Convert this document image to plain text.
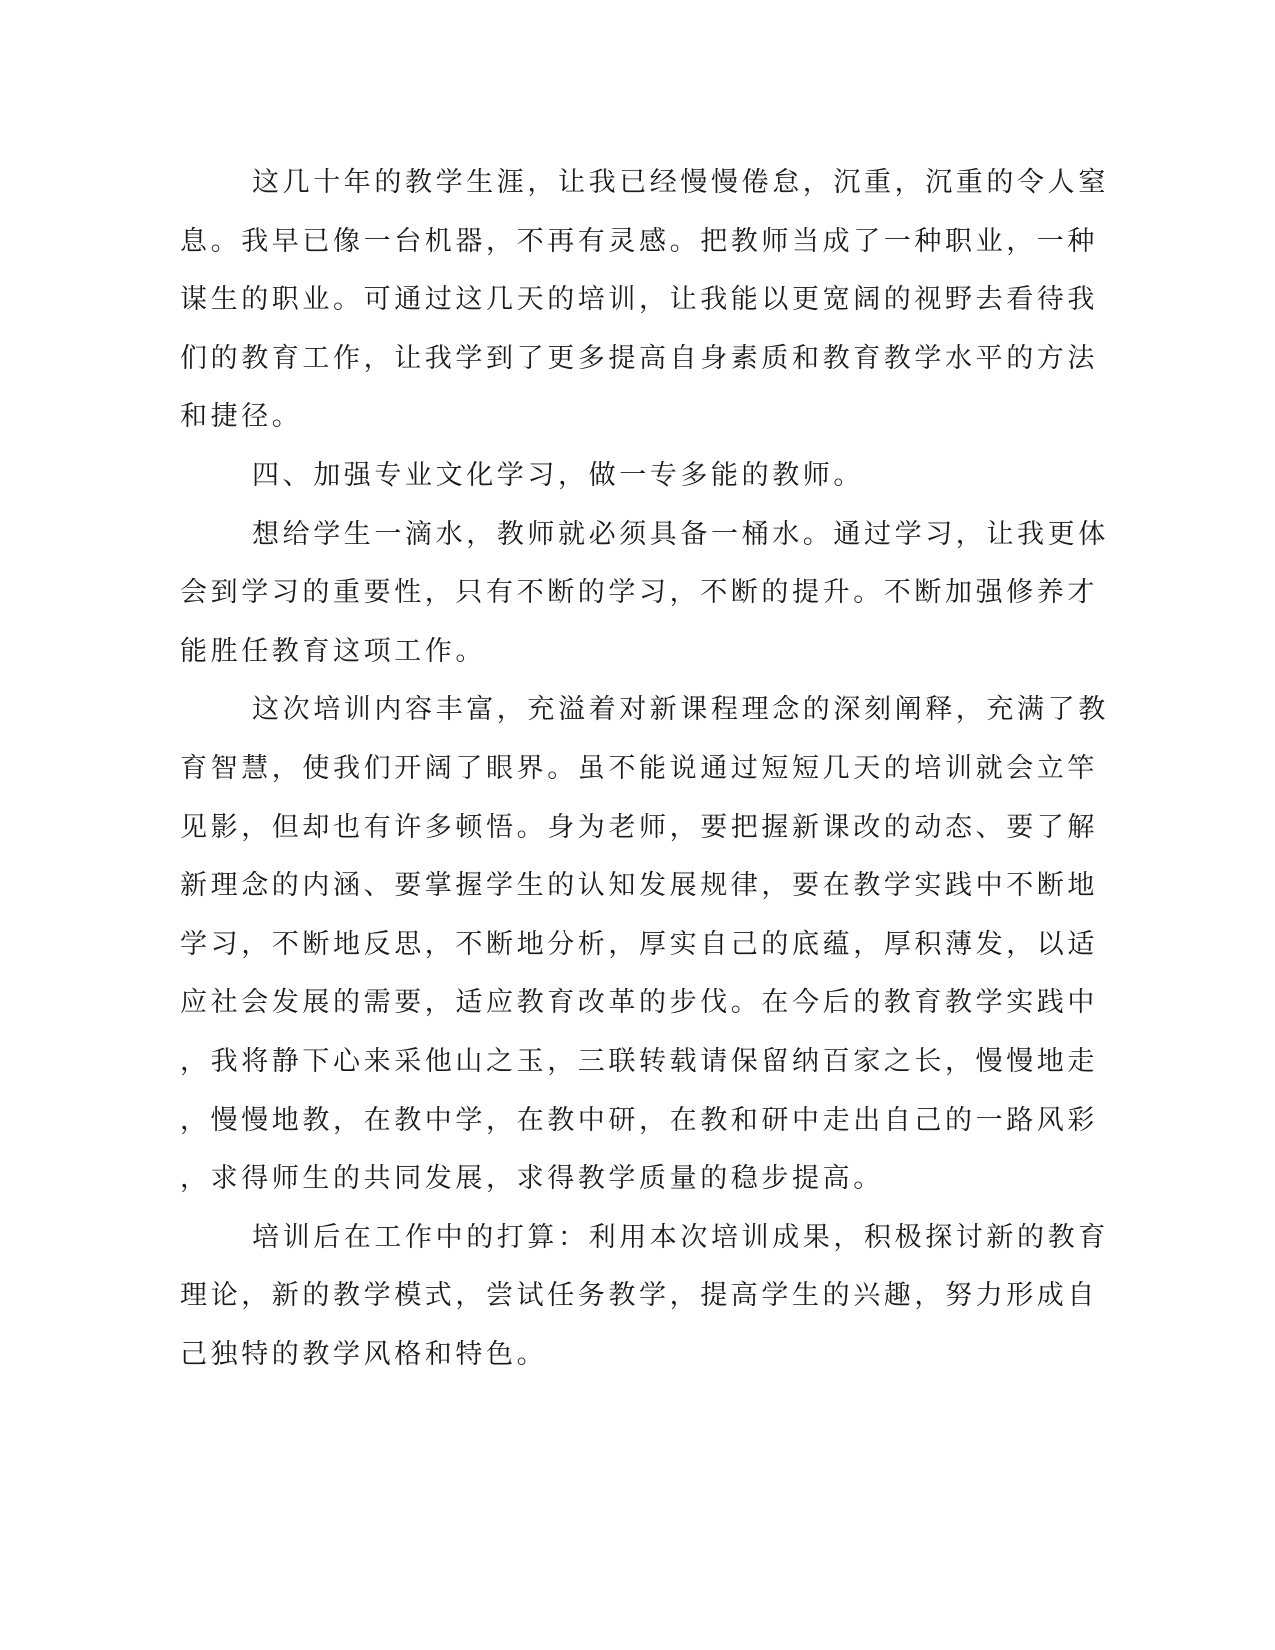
这几十年的教学生涯，让我已经慢慢倦怠，沉重，沉重的令人窒
息。我早已像一台机器，不再有灵感。把教师当成了一种职业，一种
谋生的职业。可通过这几天的培训，让我能以更宽阔的视野去看待我
们的教育工作，让我学到了更多提高自身素质和教育教学水平的方法
和捷径。
四、加强专业文化学习，做一专多能的教师。
想给学生一滴水，教师就必须具备一桶水。通过学习，让我更体
会到学习的重要性，只有不断的学习，不断的提升。不断加强修养才
能胜任教育这项工作。
这次培训内容丰富，充溢着对新课程理念的深刻阐释，充满了教
育智慧，使我们开阔了眼界。虽不能说通过短短几天的培训就会立竿
见影，但却也有许多顿悟。身为老师，要把握新课改的动态、要了解
新理念的内涵、要掌握学生的认知发展规律，要在教学实践中不断地
学习，不断地反思，不断地分析，厚实自己的底蕴，厚积薄发，以适
应社会发展的需要，适应教育改革的步伐。在今后的教育教学实践中
，我将静下心来采他山之玉，三联转载请保留纳百家之长，慢慢地走
，慢慢地教，在教中学，在教中研，在教和研中走出自己的一路风彩
，求得师生的共同发展，求得教学质量的稳步提高。
培训后在工作中的打算：利用本次培训成果，积极探讨新的教育
理论，新的教学模式，尝试任务教学，提高学生的兴趣，努力形成自
己独特的教学风格和特色。
